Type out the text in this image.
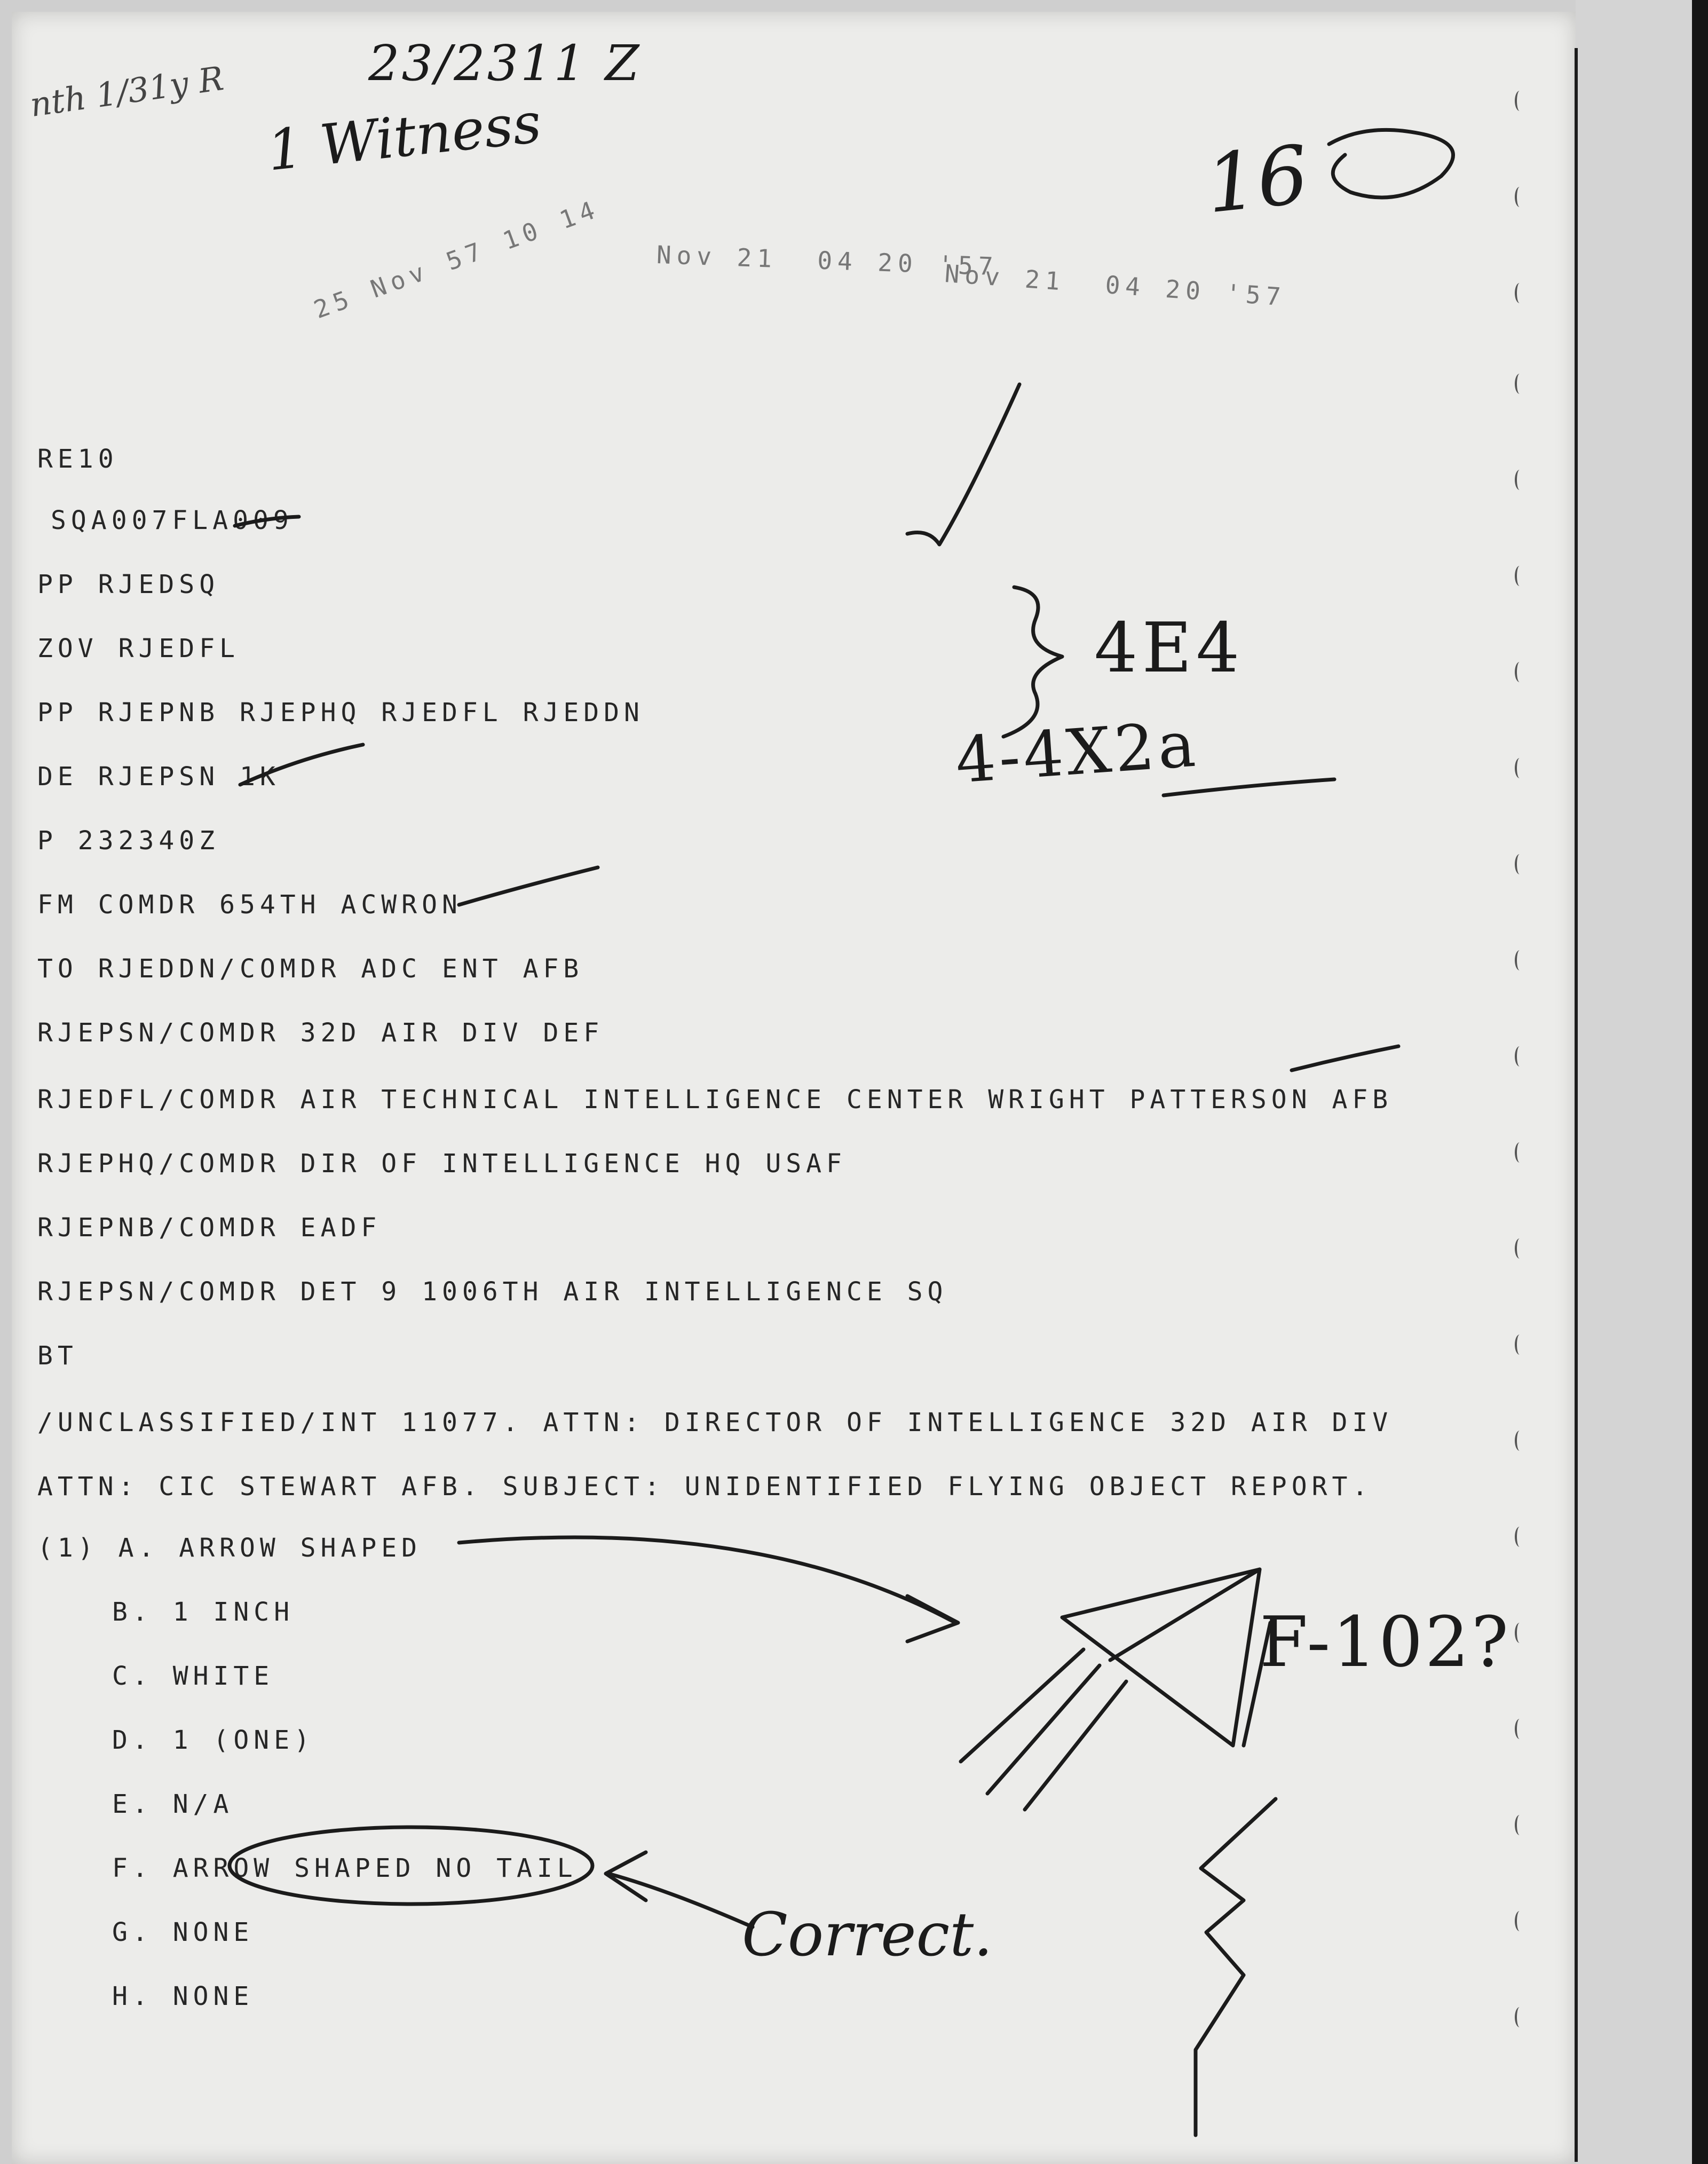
nth 1/31y R	23/2311 Z
1 Witness	16
25 Nov 57 10 14 Nov 21  04 20 '57
Nov 21  04 20 '57
4E4
4-4X2a
F-102?
Correct.

RE10

SQA007FLA009

PP RJEDSQ

ZOV RJEDFL

PP RJEPNB RJEPHQ RJEDFL RJEDDN

DE RJEPSN 1K

P 232340Z

FM COMDR 654TH ACWRON

TO RJEDDN/COMDR ADC ENT AFB

RJEPSN/COMDR 32D AIR DIV DEF

RJEDFL/COMDR AIR TECHNICAL INTELLIGENCE CENTER WRIGHT PATTERSON AFB

RJEPHQ/COMDR DIR OF INTELLIGENCE HQ USAF

RJEPNB/COMDR EADF

RJEPSN/COMDR DET 9 1006TH AIR INTELLIGENCE SQ

BT

/UNCLASSIFIED/INT 11077. ATTN: DIRECTOR OF INTELLIGENCE 32D AIR DIV

ATTN: CIC STEWART AFB. SUBJECT: UNIDENTIFIED FLYING OBJECT REPORT.

(1) A. ARROW SHAPED

B. 1 INCH

C. WHITE

D. 1 (ONE)

E. N/A

F. ARROW SHAPED NO TAIL

G. NONE

H. NONE
